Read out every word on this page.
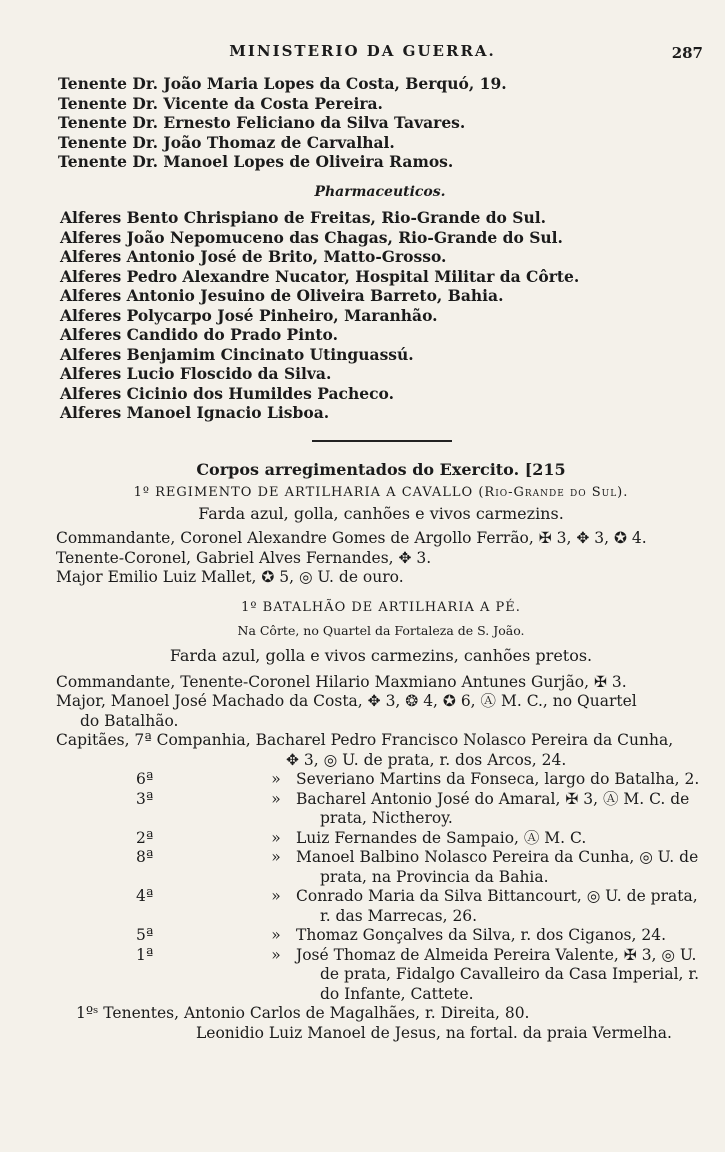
MINISTERIO DA GUERRA.	287
Tenente Dr. João Maria Lopes da Costa, Berquó, 19.
Tenente Dr. Vicente da Costa Pereira.
Tenente Dr. Ernesto Feliciano da Silva Tavares.
Tenente Dr. João Thomaz de Carvalhal.
Tenente Dr. Manoel Lopes de Oliveira Ramos.
Pharmaceuticos.
Alferes Bento Chrispiano de Freitas, Rio-Grande do Sul.
Alferes João Nepomuceno das Chagas, Rio-Grande do Sul.
Alferes Antonio José de Brito, Matto-Grosso.
Alferes Pedro Alexandre Nucator, Hospital Militar da Côrte.
Alferes Antonio Jesuino de Oliveira Barreto, Bahia.
Alferes Polycarpo José Pinheiro, Maranhão.
Alferes Candido do Prado Pinto.
Alferes Benjamim Cincinato Utinguassú.
Alferes Lucio Floscido da Silva.
Alferes Cicinio dos Humildes Pacheco.
Alferes Manoel Ignacio Lisboa.
Corpos arregimentados do Exercito. [215
1º REGIMENTO DE ARTILHARIA A CAVALLO (Rio-Grande do Sul).
Farda azul, golla, canhões e vivos carmezins.
Commandante, Coronel Alexandre Gomes de Argollo Ferrão, ✠ 3, ✥ 3, ✪ 4.
Tenente-Coronel, Gabriel Alves Fernandes, ✥ 3.
Major Emilio Luiz Mallet, ✪ 5, ◎ U. de ouro.
1º BATALHÃO DE ARTILHARIA A PÉ.
Na Côrte, no Quartel da Fortaleza de S. João.
Farda azul, golla e vivos carmezins, canhões pretos.
Commandante, Tenente-Coronel Hilario Maxmiano Antunes Gurjão, ✠ 3.
Major, Manoel José Machado da Costa, ✥ 3, ❂ 4, ✪ 6, Ⓐ M. C., no Quartel
do Batalhão.
Capitães, 7ª Companhia, Bacharel Pedro Francisco Nolasco Pereira da Cunha,
✥ 3, ◎ U. de prata, r. dos Arcos, 24.
6ª	»	Severiano Martins da Fonseca, largo do Batalha, 2.

3ª	»	Bacharel Antonio José do Amaral, ✠ 3, Ⓐ M. C. de
prata, Nictheroy.

2ª	»	Luiz Fernandes de Sampaio, Ⓐ M. C.

8ª	»	Manoel Balbino Nolasco Pereira da Cunha, ◎ U. de
prata, na Provincia da Bahia.

4ª	»	Conrado Maria da Silva Bittancourt, ◎ U. de prata,
r. das Marrecas, 26.

5ª	»	Thomaz Gonçalves da Silva, r. dos Ciganos, 24.

1ª	»	José Thomaz de Almeida Pereira Valente, ✠ 3, ◎ U.
de prata, Fidalgo Cavalleiro da Casa Imperial, r.
do Infante, Cattete.
1ºˢ Tenentes, Antonio Carlos de Magalhães, r. Direita, 80.
Leonidio Luiz Manoel de Jesus, na fortal. da praia Vermelha.
